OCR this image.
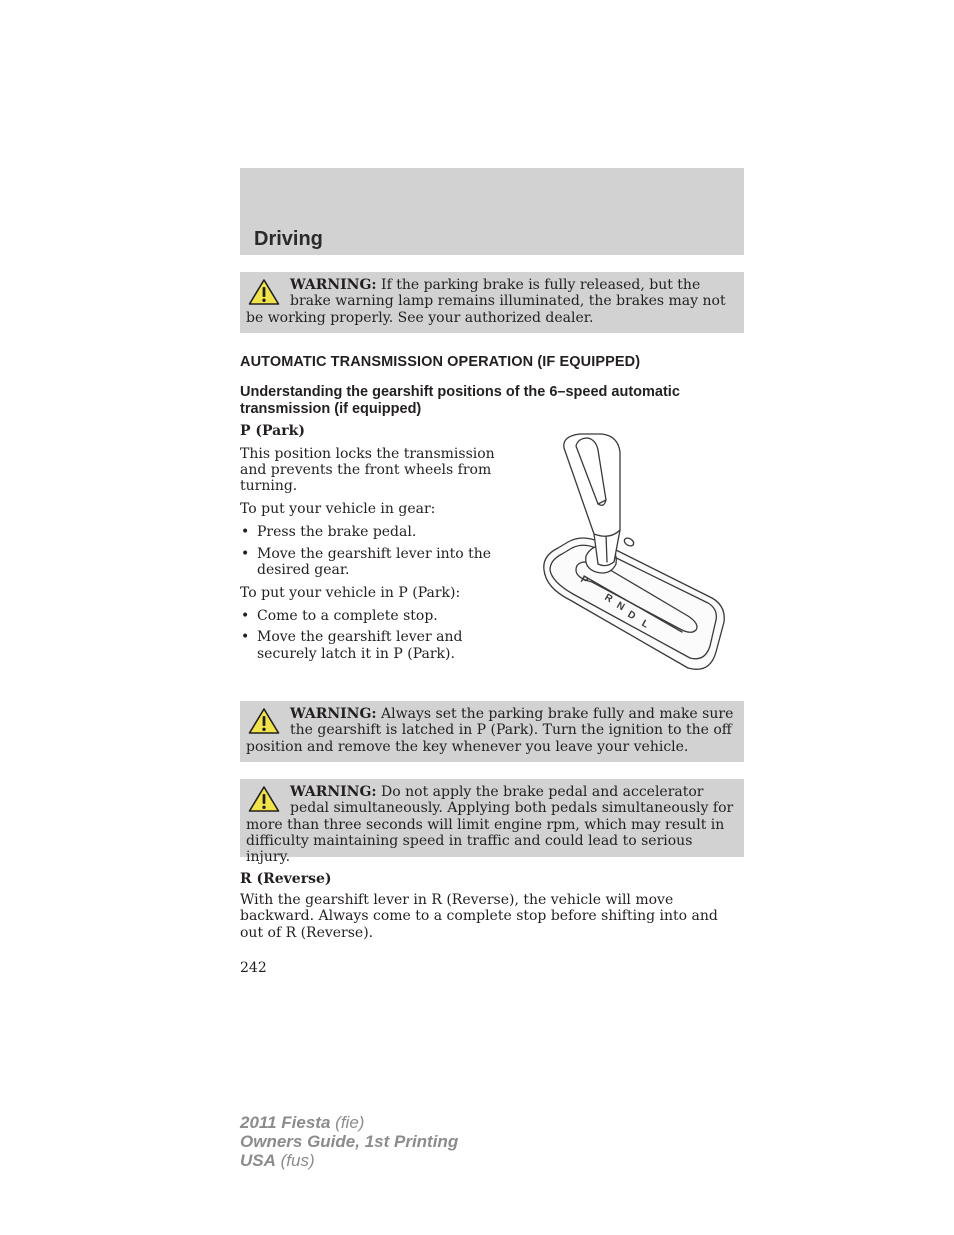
Driving
WARNING: If the parking brake is fully released, but the brake warning lamp remains illuminated, the brakes may not be working properly. See your authorized dealer.
AUTOMATIC TRANSMISSION OPERATION (IF EQUIPPED)
Understanding the gearshift positions of the 6–speed automatic transmission (if equipped)

P (Park)

This position locks the transmission and prevents the front wheels from turning.

To put your vehicle in gear:

• Press the brake pedal.
• Move the gearshift lever into the desired gear.

To put your vehicle in P (Park):

• Come to a complete stop.
• Move the gearshift lever and securely latch it in P (Park).
P
R
N
D
L
WARNING: Always set the parking brake fully and make sure the gearshift is latched in P (Park). Turn the ignition to the off position and remove the key whenever you leave your vehicle.
WARNING: Do not apply the brake pedal and accelerator pedal simultaneously. Applying both pedals simultaneously for more than three seconds will limit engine rpm, which may result in difficulty maintaining speed in traffic and could lead to serious injury.

R (Reverse)

With the gearshift lever in R (Reverse), the vehicle will move backward. Always come to a complete stop before shifting into and out of R (Reverse).

242
2011 Fiesta (fie)
Owners Guide, 1st Printing
USA (fus)
